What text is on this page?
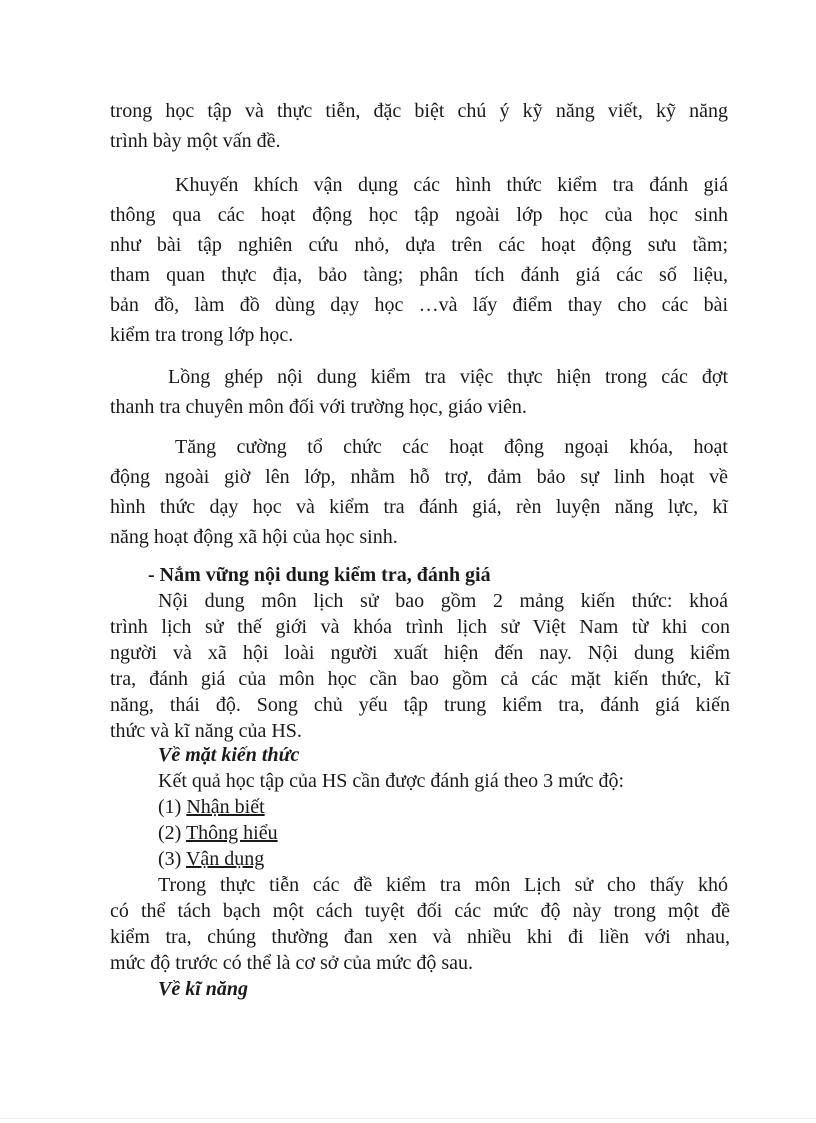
trong học tập và thực tiễn, đặc biệt chú ý kỹ năng viết, kỹ năng
trình bày một vấn đề.
Khuyến khích vận dụng các hình thức kiểm tra đánh giá
thông qua các hoạt động học tập ngoài lớp học của học sinh
như bài tập nghiên cứu nhỏ, dựa trên các hoạt động sưu tầm;
tham quan thực địa, bảo tàng; phân tích đánh giá các số liệu,
bản đồ, làm đồ dùng dạy học …và lấy điểm thay cho các bài
kiểm tra trong lớp học.
Lồng ghép nội dung kiểm tra việc thực hiện trong các đợt
thanh tra chuyên môn đối với trường học, giáo viên.
Tăng cường tổ chức các hoạt động ngoại khóa, hoạt
động ngoài giờ lên lớp, nhằm hỗ trợ, đảm bảo sự linh hoạt về
hình thức dạy học và kiểm tra đánh giá, rèn luyện năng lực, kĩ
năng hoạt động xã hội của học sinh.
- Nắm vững nội dung kiểm tra, đánh giá
Nội dung môn lịch sử bao gồm 2 mảng kiến thức: khoá
trình lịch sử thế giới và khóa trình lịch sử Việt Nam từ khi con
người và xã hội loài người xuất hiện đến nay. Nội dung kiểm
tra, đánh giá của môn học cần bao gồm cả các mặt kiến thức, kĩ
năng, thái độ. Song chủ yếu tập trung kiểm tra, đánh giá kiến
thức và kĩ năng của HS.
Về mặt kiến thức
Kết quả học tập của HS cần được đánh giá theo 3 mức độ:
(1) Nhận biết
(2) Thông hiểu
(3) Vận dụng
Trong thực tiễn các đề kiểm tra môn Lịch sử cho thấy khó
có thể tách bạch một cách tuyệt đối các mức độ này trong một đề
kiểm tra, chúng thường đan xen và nhiều khi đi liền với nhau,
mức độ trước có thể là cơ sở của mức độ sau.
Về kĩ năng
